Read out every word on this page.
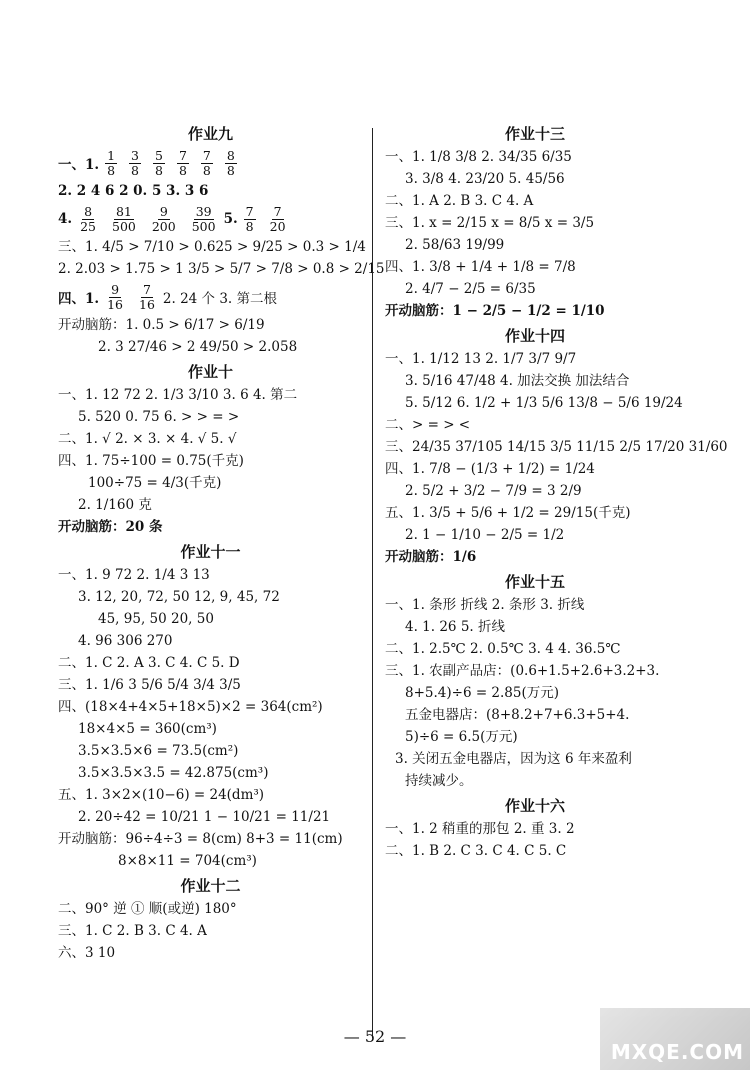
作业九
一、1. $\frac{1}{8} \frac{3}{8} \frac{5}{8} \frac{7}{8} \frac{7}{8} \frac{8}{8}$
2. 2 4 6 2 0. 5 3. 3 6
4. $\frac{8}{25} \frac{81}{500} \frac{9}{200} \frac{39}{500} 5$. $\frac{7}{8} \frac{7}{20}$
三、1. 4/5 > 7/10 > 0.625 > 9/25 > 0.3 > 1/4
2. 2.03 > 1.75 > 1 3/5 > 5/7 > 7/8 > 0.8 > 2/15
四、1. $\frac{9}{16} \frac{7}{16} 2$. 24 个 3. 第二根
开动脑筋：1. 0.5 > 6/17 > 6/19
2. 3 27/46 > 2 49/50 > 2.058
作业十
一、1. 12 72 2. 1/3 3/10 3. 6 4. 第二
5. 520 0. 75 6. > > = >
二、1. √ 2. × 3. × 4. √ 5. √
四、1. 75÷100 = 0.75(千克)
100÷75 = 4/3(千克)
2. 1/160 克
开动脑筋：20 条
作业十一
一、1. 9 72 2. 1/4 3 13
3. 12, 20, 72, 50 12, 9, 45, 72
45, 95, 50 20, 50
4. 96 306 270
二、1. C 2. A 3. C 4. C 5. D
三、1. 1/6 3 5/6 5/4 3/4 3/5
四、(18×4+4×5+18×5)×2 = 364(cm²)
18×4×5 = 360(cm³)
3.5×3.5×6 = 73.5(cm²)
3.5×3.5×3.5 = 42.875(cm³)
五、1. 3×2×(10−6) = 24(dm³)
2. 20÷42 = 10/21 1 − 10/21 = 11/21
开动脑筋：96÷4÷3 = 8(cm) 8+3 = 11(cm)
8×8×11 = 704(cm³)
作业十二
二、90° 逆 ① 顺(或逆) 180°
三、1. C 2. B 3. C 4. A
六、3 10
作业十三
一、1. 1/8 3/8 2. 34/35 6/35
3. 3/8 4. 23/20 5. 45/56
二、1. A 2. B 3. C 4. A
三、1. x = 2/15 x = 8/5 x = 3/5
2. 58/63 19/99
四、1. 3/8 + 1/4 + 1/8 = 7/8
2. 4/7 − 2/5 = 6/35
开动脑筋：1 − 2/5 − 1/2 = 1/10
作业十四
一、1. 1/12 13 2. 1/7 3/7 9/7
3. 5/16 47/48 4. 加法交换 加法结合
5. 5/12 6. 1/2 + 1/3 5/6 13/8 − 5/6 19/24
二、> = > <
三、24/35 37/105 14/15 3/5 11/15 2/5 17/20 31/60
四、1. 7/8 − (1/3 + 1/2) = 1/24
2. 5/2 + 3/2 − 7/9 = 3 2/9
五、1. 3/5 + 5/6 + 1/2 = 29/15(千克)
2. 1 − 1/10 − 2/5 = 1/2
开动脑筋：1/6
作业十五
一、1. 条形 折线 2. 条形 3. 折线
4. 1. 26 5. 折线
二、1. 2.5℃ 2. 0.5℃ 3. 4 4. 36.5℃
三、1. 农副产品店：(0.6+1.5+2.6+3.2+3.
8+5.4)÷6 = 2.85(万元)
五金电器店：(8+8.2+7+6.3+5+4.
5)÷6 = 6.5(万元)
3. 关闭五金电器店，因为这 6 年来盈利
持续减少。
作业十六
一、1. 2 稍重的那包 2. 重 3. 2
二、1. B 2. C 3. C 4. C 5. C
— 52 —
MXQE.COM
